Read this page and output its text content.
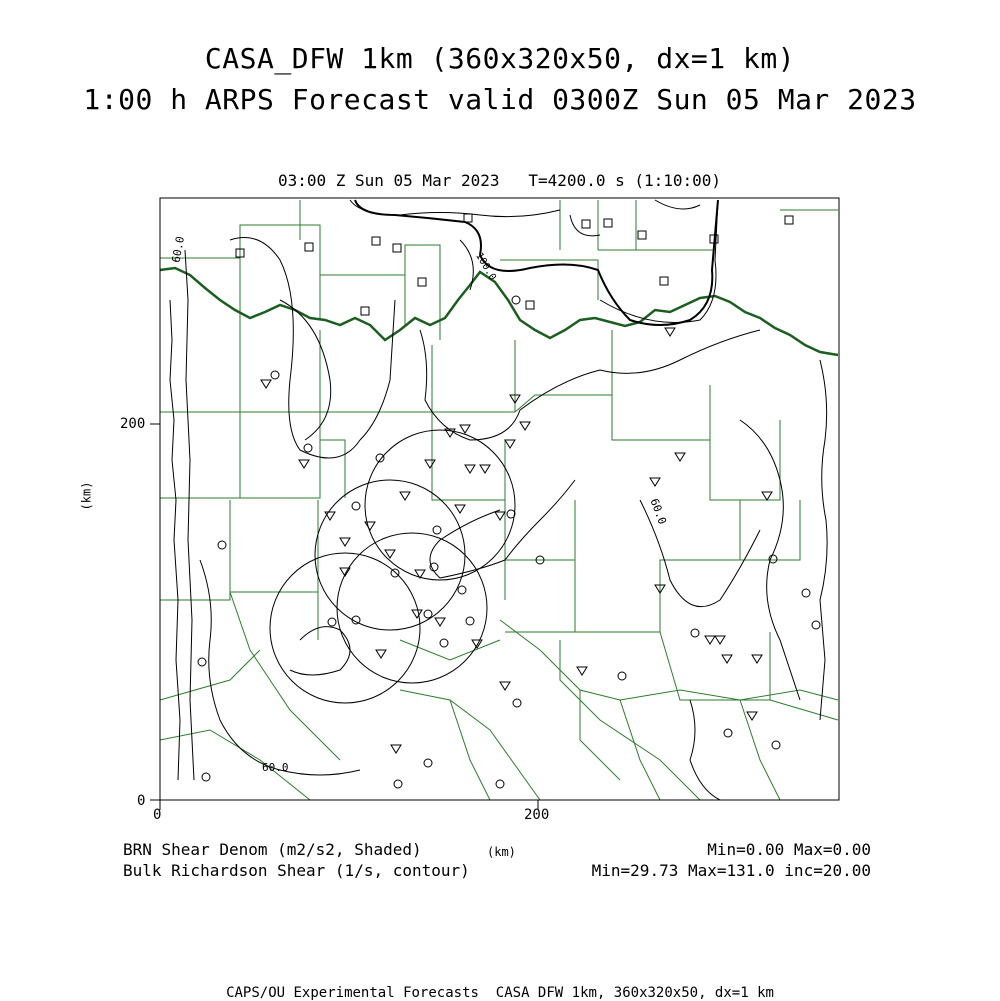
CASA_DFW 1km (360x320x50, dx=1 km)
1:00 h ARPS Forecast valid 0300Z Sun 05 Mar 2023
03:00 Z Sun 05 Mar 2023   T=4200.0 s (1:10:00)
0	200
0
200
(km)
(km)
60.0
60.0
60.0
100.0
BRN Shear Denom (m2/s2, Shaded)
Bulk Richardson Shear (1/s, contour)
Min=0.00 Max=0.00
Min=29.73 Max=131.0 inc=20.00
CAPS/OU Experimental Forecasts  CASA DFW 1km, 360x320x50, dx=1 km
